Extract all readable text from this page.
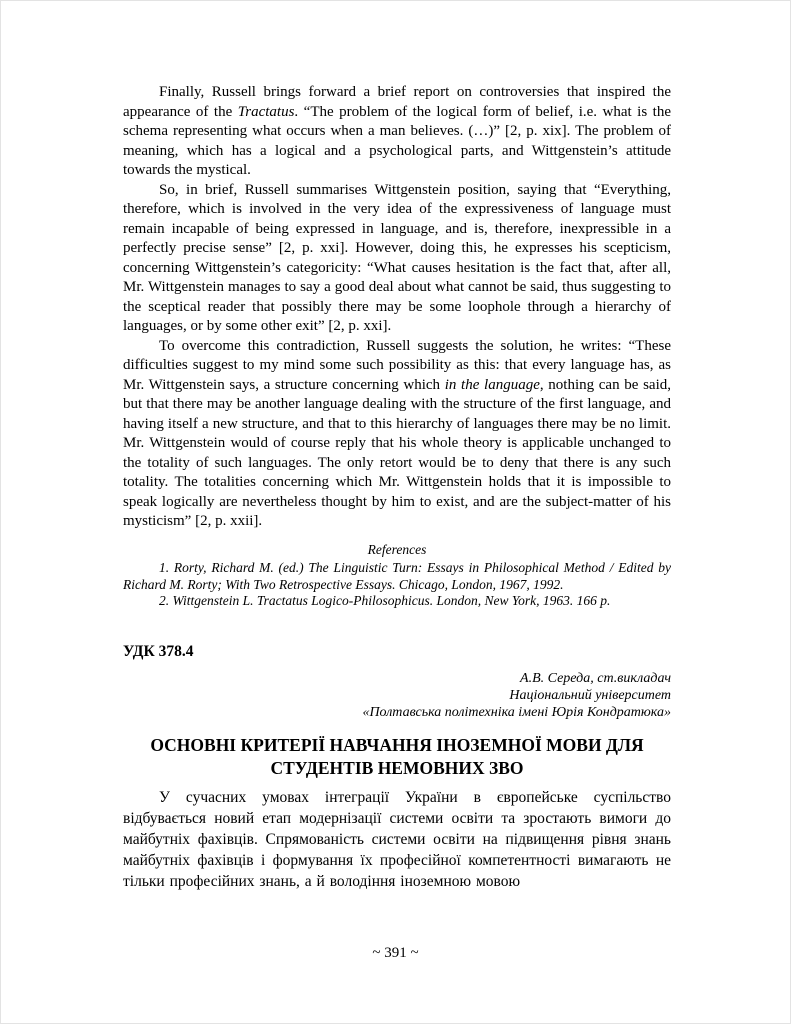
Finally, Russell brings forward a brief report on controversies that inspired the appearance of the Tractatus. “The problem of the logical form of belief, i.e. what is the schema representing what occurs when a man believes. (…)” [2, p. xix]. The problem of meaning, which has a logical and a psychological parts, and Wittgenstein’s attitude towards the mystical.

So, in brief, Russell summarises Wittgenstein position, saying that “Everything, therefore, which is involved in the very idea of the expressiveness of language must remain incapable of being expressed in language, and is, therefore, inexpressible in a perfectly precise sense” [2, p. xxi]. However, doing this, he expresses his scepticism, concerning Wittgenstein’s categoricity: “What causes hesitation is the fact that, after all, Mr. Wittgenstein manages to say a good deal about what cannot be said, thus suggesting to the sceptical reader that possibly there may be some loophole through a hierarchy of languages, or by some other exit” [2, p. xxi].

To overcome this contradiction, Russell suggests the solution, he writes: “These difficulties suggest to my mind some such possibility as this: that every language has, as Mr. Wittgenstein says, a structure concerning which in the language, nothing can be said, but that there may be another language dealing with the structure of the first language, and having itself a new structure, and that to this hierarchy of languages there may be no limit. Mr. Wittgenstein would of course reply that his whole theory is applicable unchanged to the totality of such languages. The only retort would be to deny that there is any such totality. The totalities concerning which Mr. Wittgenstein holds that it is impossible to speak logically are nevertheless thought by him to exist, and are the subject-matter of his mysticism” [2, p. xxii].

References

1. Rorty, Richard M. (ed.) The Linguistic Turn: Essays in Philosophical Method / Edited by Richard M. Rorty; With Two Retrospective Essays. Chicago, London, 1967, 1992.

2. Wittgenstein L. Tractatus Logico-Philosophicus. London, New York, 1963. 166 p.

УДК 378.4
А.В. Середа, ст.викладач
Національний університет
«Полтавська політехніка імені Юрія Кондратюка»
ОСНОВНІ КРИТЕРІЇ НАВЧАННЯ ІНОЗЕМНОЇ МОВИ ДЛЯ СТУДЕНТІВ НЕМОВНИХ ЗВО

У сучасних умовах інтеграції України в європейське суспільство відбувається новий етап модернізації системи освіти та зростають вимоги до майбутніх фахівців. Спрямованість системи освіти на підвищення рівня знань майбутніх фахівців і формування їх професійної компетентності вимагають не тільки професійних знань, а й володіння іноземною мовою

~ 391 ~
